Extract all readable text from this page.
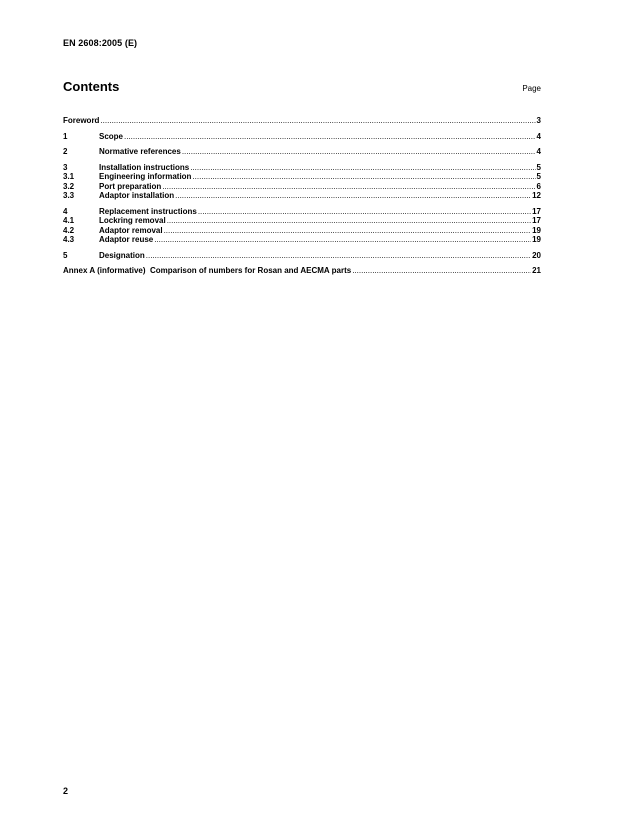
EN 2608:2005 (E)
Contents	Page
Foreword .....	3
1	Scope .....	4
2	Normative references .....	4
3	Installation instructions .....	5
3.1	Engineering information .....	5
3.2	Port preparation .....	6
3.3	Adaptor installation .....	12
4	Replacement instructions .....	17
4.1	Lockring removal .....	17
4.2	Adaptor removal .....	19
4.3	Adaptor reuse .....	19
5	Designation .....	20
Annex A (informative)  Comparison of numbers for Rosan and AECMA parts .....	21
2
